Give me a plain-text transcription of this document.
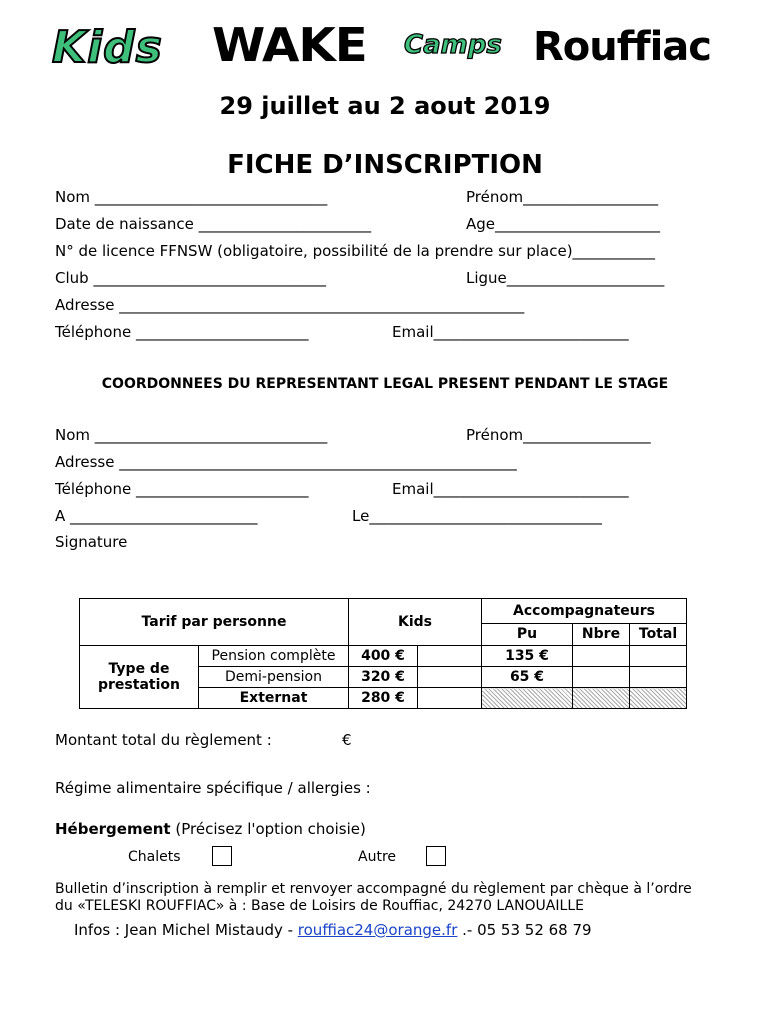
Kids WAKE Camps Rouffiac
29 juillet au 2 aout 2019
FICHE D’INSCRIPTION
Nom _______________________________	Prénom__________________
Date de naissance _______________________	Age______________________
N° de licence FFNSW (obligatoire, possibilité de la prendre sur place)___________
Club _______________________________	Ligue_____________________
Adresse ______________________________________________________
Téléphone _______________________	Email__________________________
COORDONNEES DU REPRESENTANT LEGAL PRESENT PENDANT LE STAGE
Nom _______________________________	Prénom_________________
Adresse _____________________________________________________
Téléphone _______________________	Email__________________________
A _________________________	Le_______________________________
Signature
Tarif par personne		Kids		Accompagnateurs		
				Pu	Nbre	Total
Type de prestation	Pension complète	400 €		135 €		
	Demi-pension	320 €		65 €		
	Externat	280 €				
Montant total du règlement :	€
Régime alimentaire spécifique / allergies :
Hébergement (Précisez l'option choisie)
Chalets	Autre
Bulletin d’inscription à remplir et renvoyer accompagné du règlement par chèque à l’ordre
du «TELESKI ROUFFIAC» à : Base de Loisirs de Rouffiac, 24270 LANOUAILLE
Infos : Jean Michel Mistaudy - rouffiac24@orange.fr .- 05 53 52 68 79
